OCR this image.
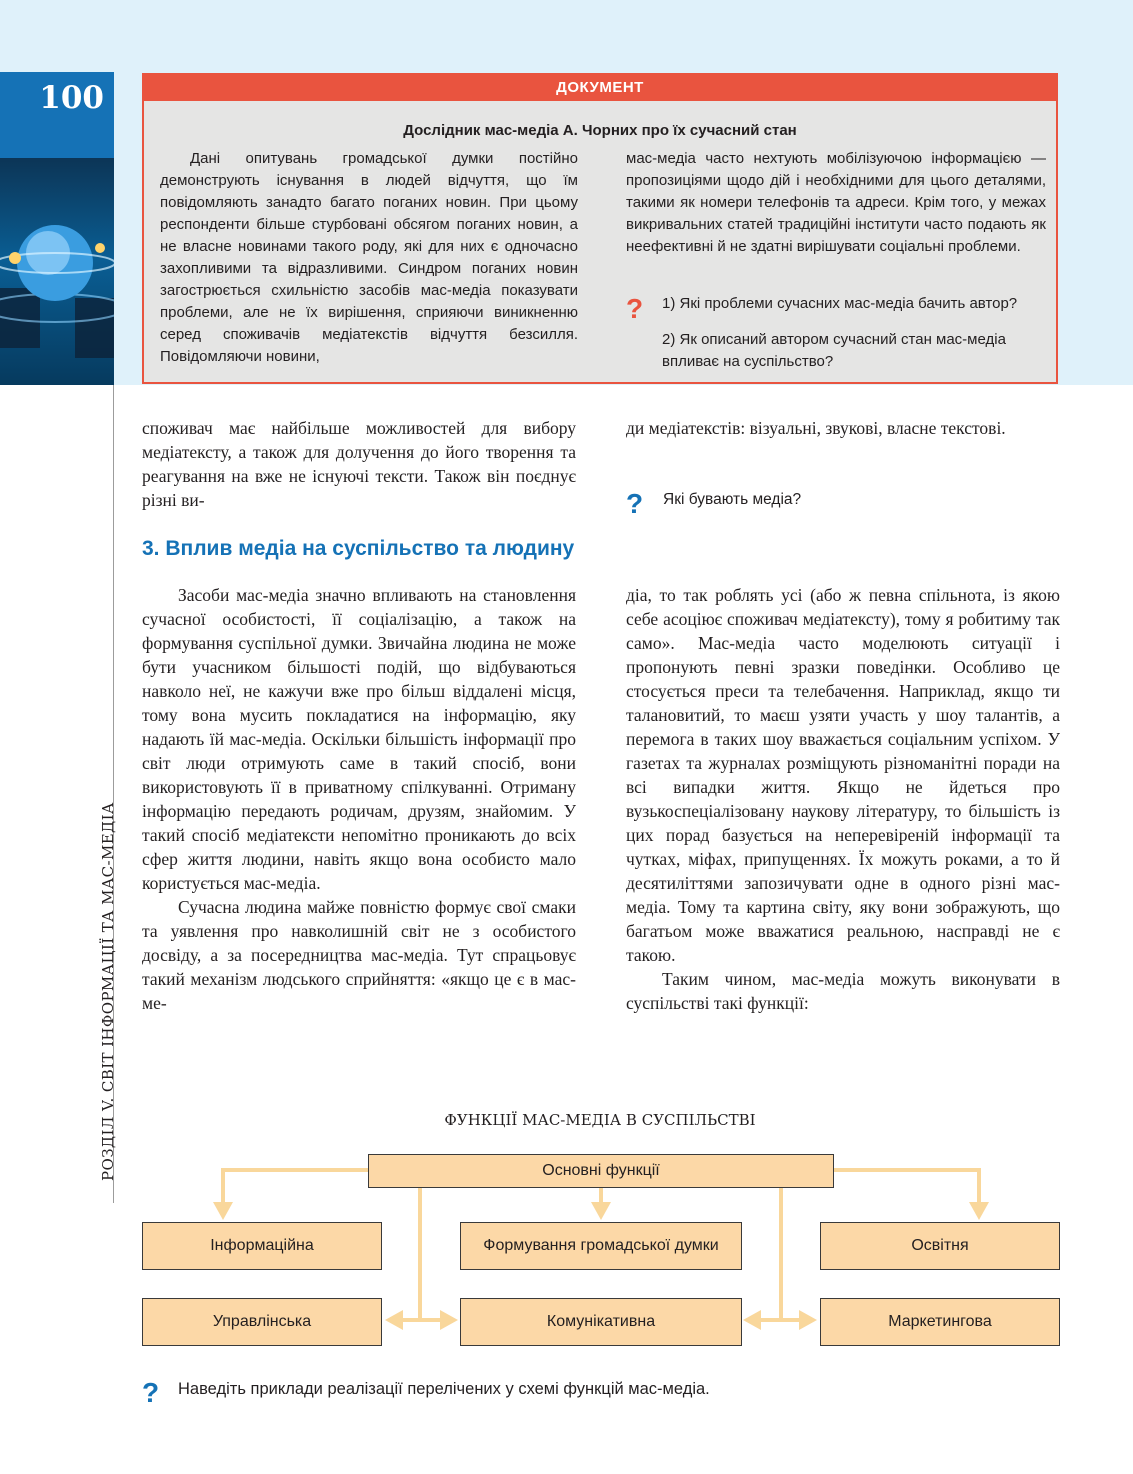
100
РОЗДІЛ V. СВІТ ІНФОРМАЦІЇ ТА МАС-МЕДІА
ДОКУМЕНТ
Дослідник мас-медіа А. Чорних про їх сучасний стан

Дані опитувань громадської думки постійно демонструють існування в людей відчуття, що їм повідомляють занадто багато поганих новин. При цьому респонденти більше стурбовані обсягом поганих новин, а не власне новинами такого роду, які для них є одночасно захопливими та відразливими. Синдром поганих новин загострюється схильністю засобів мас-медіа показувати проблеми, але не їх вирішення, сприяючи виникненню серед споживачів медіатекстів відчуття безсилля. Повідомляючи новини,

мас-медіа часто нехтують мобілізуючою інформацією — пропозиціями щодо дій і необхідними для цього деталями, такими як номери телефонів та адреси. Крім того, у межах викривальних статей традиційні інститути часто подають як неефективні й не здатні вирішувати соціальні проблеми.

? 1) Які проблеми сучасних мас-медіа бачить автор?
2) Як описаний автором сучасний стан мас-медіа впливає на суспільство?

споживач має найбільше можливостей для вибору медіатексту, а також для долучення до його творення та реагування на вже не існуючі тексти. Також він поєднує різні ви-

ди медіатекстів: візуальні, звукові, власне текстові.

? Які бувають медіа?
3. Вплив медіа на суспільство та людину

Засоби мас-медіа значно впливають на становлення сучасної особистості, її соціалізацію, а також на формування суспільної думки. Звичайна людина не може бути учасником більшості подій, що відбуваються навколо неї, не кажучи вже про більш віддалені місця, тому вона мусить покладатися на інформацію, яку надають їй мас-медіа. Оскільки більшість інформації про світ люди отримують саме в такий спосіб, вони використовують її в приватному спілкуванні. Отриману інформацію передають родичам, друзям, знайомим. У такий спосіб медіатексти непомітно проникають до всіх сфер життя людини, навіть якщо вона особисто мало користується мас-медіа.

Сучасна людина майже повністю формує свої смаки та уявлення про навколишній світ не з особистого досвіду, а за посередництва мас-медіа. Тут спрацьовує такий механізм людського сприйняття: «якщо це є в мас-ме-

діа, то так роблять усі (або ж певна спільнота, із якою себе асоціює споживач медіатексту), тому я робитиму так само». Мас-медіа часто моделюють ситуації і пропонують певні зразки поведінки. Особливо це стосується преси та телебачення. Наприклад, якщо ти талановитий, то маєш узяти участь у шоу талантів, а перемога в таких шоу вважається соціальним успіхом. У газетах та журналах розміщують різноманітні поради на всі випадки життя. Якщо не йдеться про вузькоспеціалізовану наукову літературу, то більшість із цих порад базується на неперевіреній інформації та чутках, міфах, припущеннях. Їх можуть роками, а то й десятиліттями запозичувати одне в одного різні мас-медіа. Тому та картина світу, яку вони зображують, що багатьом може вважатися реальною, насправді не є такою.

Таким чином, мас-медіа можуть виконувати в суспільстві такі функції:

ФУНКЦІЇ МАС-МЕДІА В СУСПІЛЬСТВІ
Основні функції
Інформаційна	Формування громадської думки	Освітня
Управлінська	Комунікативна	Маркетингова
? Наведіть приклади реалізації перелічених у схемі функцій мас-медіа.
